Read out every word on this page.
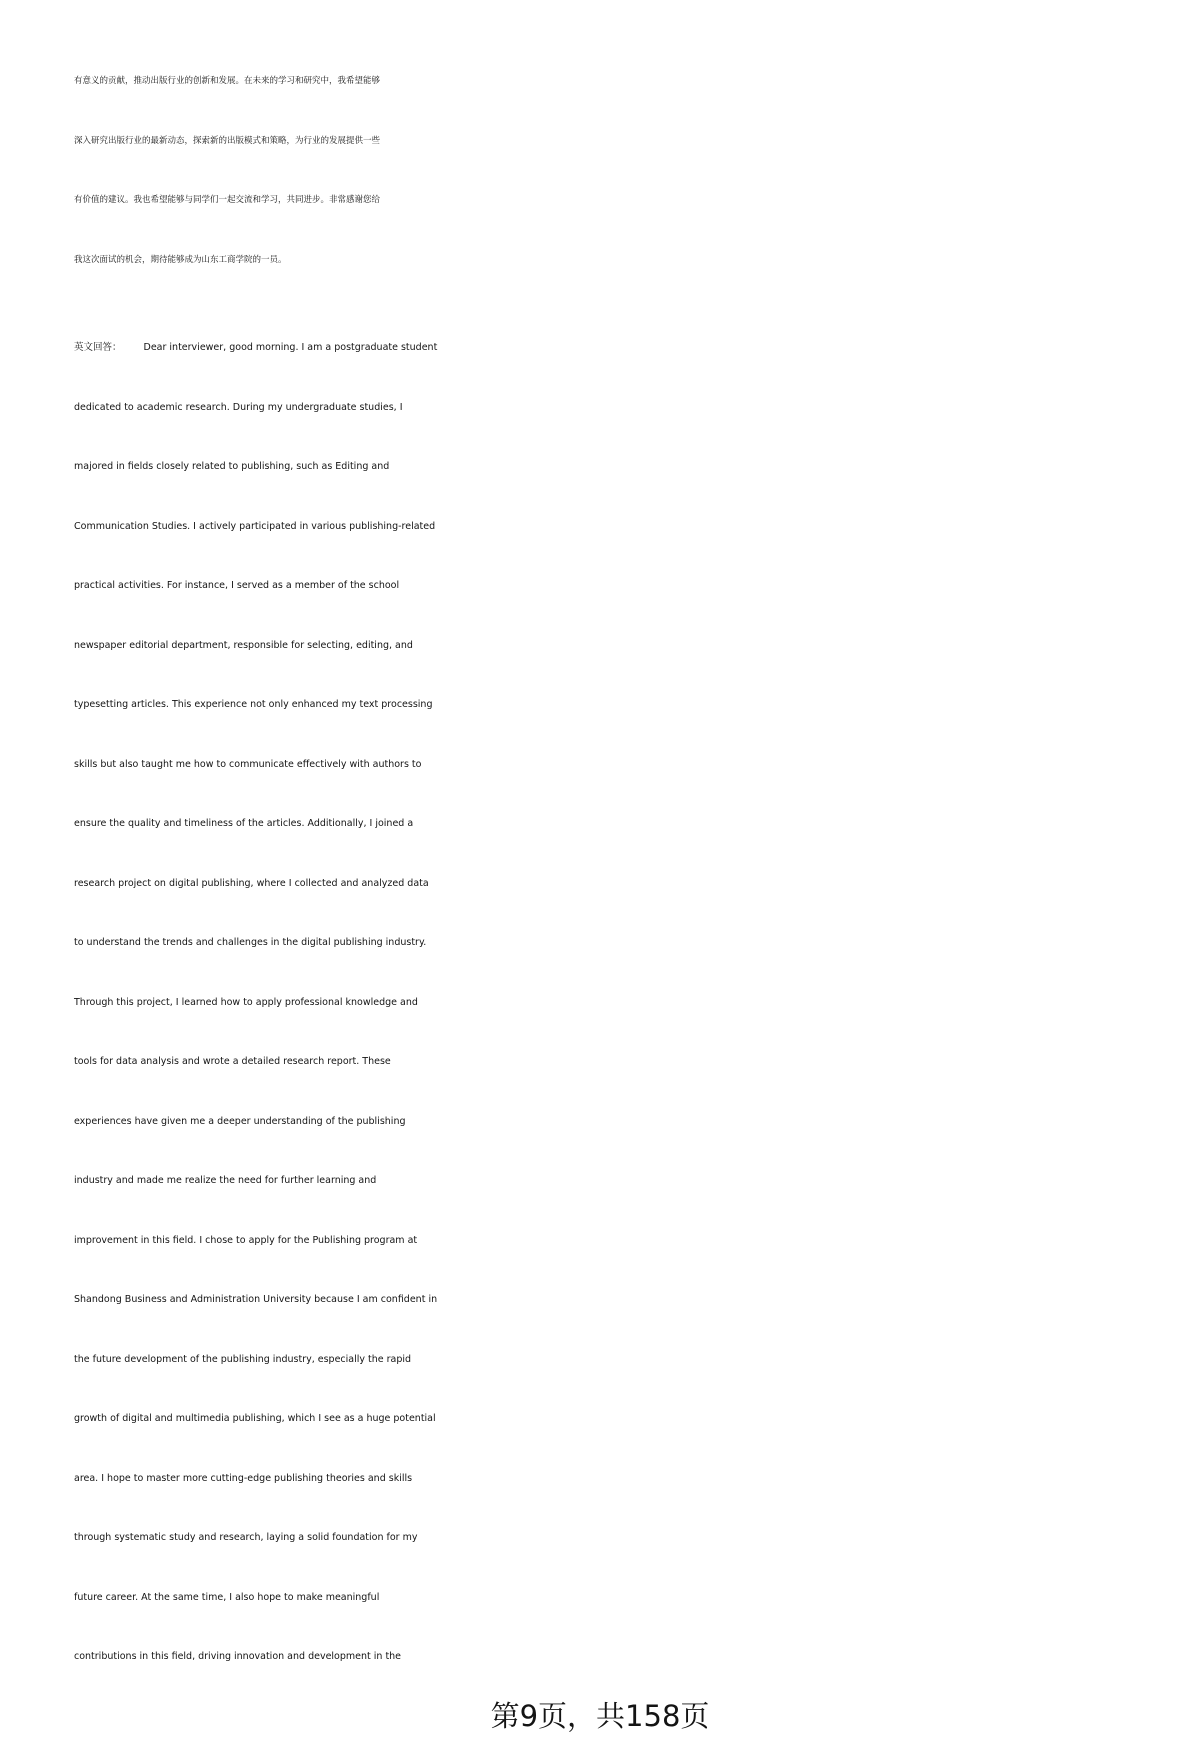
有意义的贡献，推动出版行业的创新和发展。在未来的学习和研究中，我希望能够
深入研究出版行业的最新动态，探索新的出版模式和策略，为行业的发展提供一些
有价值的建议。我也希望能够与同学们一起交流和学习，共同进步。非常感谢您给
我这次面试的机会，期待能够成为山东工商学院的一员。
英文回答： Dear interviewer, good morning. I am a postgraduate student
dedicated to academic research. During my undergraduate studies, I
majored in fields closely related to publishing, such as Editing and
Communication Studies. I actively participated in various publishing-related
practical activities. For instance, I served as a member of the school
newspaper editorial department, responsible for selecting, editing, and
typesetting articles. This experience not only enhanced my text processing
skills but also taught me how to communicate effectively with authors to
ensure the quality and timeliness of the articles. Additionally, I joined a
research project on digital publishing, where I collected and analyzed data
to understand the trends and challenges in the digital publishing industry.
Through this project, I learned how to apply professional knowledge and
tools for data analysis and wrote a detailed research report. These
experiences have given me a deeper understanding of the publishing
industry and made me realize the need for further learning and
improvement in this field. I chose to apply for the Publishing program at
Shandong Business and Administration University because I am confident in
the future development of the publishing industry, especially the rapid
growth of digital and multimedia publishing, which I see as a huge potential
area. I hope to master more cutting-edge publishing theories and skills
through systematic study and research, laying a solid foundation for my
future career. At the same time, I also hope to make meaningful
contributions in this field, driving innovation and development in the
第9页，共158页
